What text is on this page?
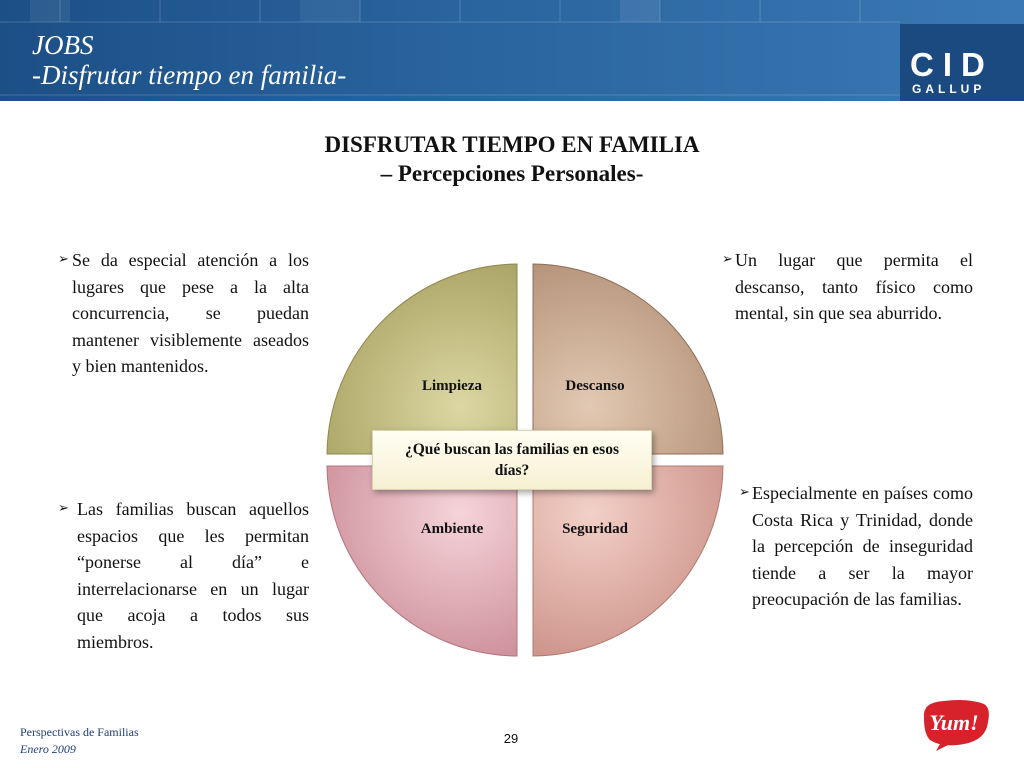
JOBS
-Disfrutar tiempo en familia-	CID
GALLUP
DISFRUTAR TIEMPO EN FAMILIA
– Percepciones Personales-
➢ Se da especial atención a los lugares que pese a la alta concurrencia, se puedan mantener visiblemente aseados y bien mantenidos.
➢ Las familias buscan aquellos espacios que les permitan “ponerse al día” e interrelacionarse en un lugar que acoja a todos sus miembros.
➢ Un lugar que permita el descanso, tanto físico como mental, sin que sea aburrido.
➢ Especialmente en países como Costa Rica y Trinidad, donde la percepción de inseguridad tiende a ser la mayor preocupación de las familias.
Limpieza	Descanso
Ambiente	Seguridad
¿Qué buscan las familias en esos días?
Perspectivas de Familias
Enero 2009
29
Yum!
